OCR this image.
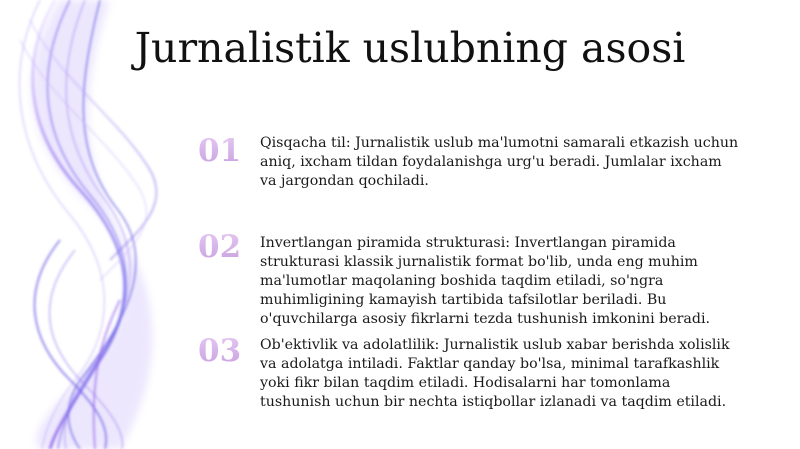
Jurnalistik uslubning asosi
01	Qisqacha til: Jurnalistik uslub ma'lumotni samarali etkazish uchun aniq, ixcham tildan foydalanishga urg'u beradi. Jumlalar ixcham va jargondan qochiladi.

02	Invertlangan piramida strukturasi: Invertlangan piramida strukturasi klassik jurnalistik format bo'lib, unda eng muhim ma'lumotlar maqolaning boshida taqdim etiladi, so'ngra muhimligining kamayish tartibida tafsilotlar beriladi. Bu o'quvchilarga asosiy fikrlarni tezda tushunish imkonini beradi.

03	Ob'ektivlik va adolatlilik: Jurnalistik uslub xabar berishda xolislik va adolatga intiladi. Faktlar qanday bo'lsa, minimal tarafkashlik yoki fikr bilan taqdim etiladi. Hodisalarni har tomonlama tushunish uchun bir nechta istiqbollar izlanadi va taqdim etiladi.
